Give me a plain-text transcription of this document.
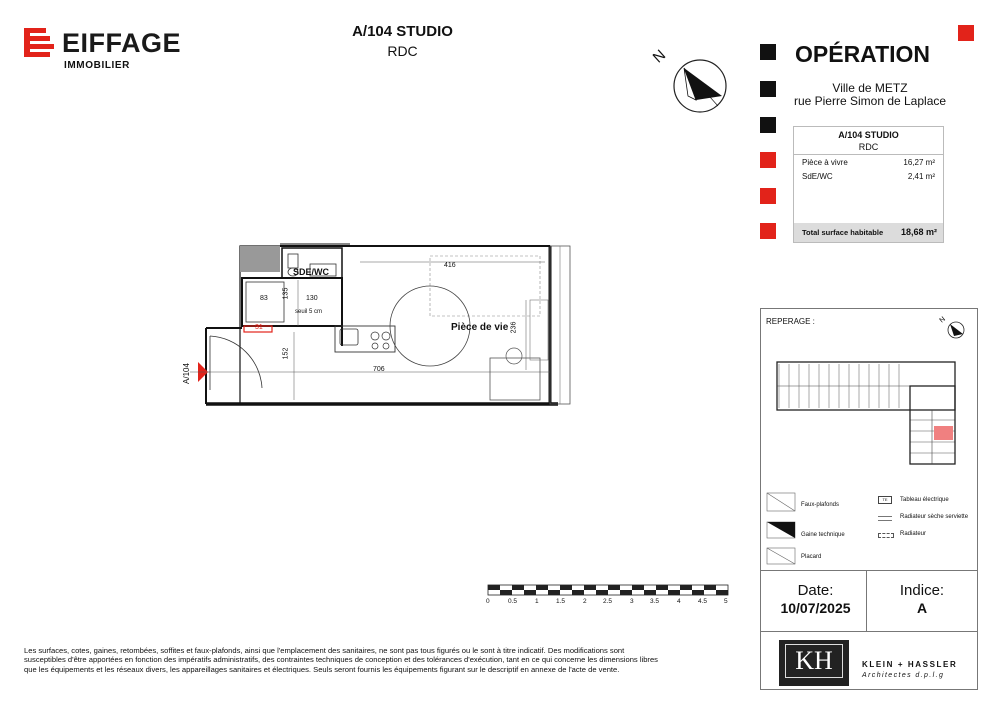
EIFFAGE
IMMOBILIER
A/104 STUDIO
RDC	N	OPÉRATION
Ville de METZ
rue Pierre Simon de Laplace
A/104 STUDIO
RDC
Pièce à vivre	16,27 m²
SdE/WC	2,41 m²
Total surface habitable 18,68 m²
SDE/WC
Pièce de vie
416
706
130
83
seuil 5 cm
31
135
152
236
A/104
0	0.5	1	1.5	2	2.5	3	3.5	4	4.5	5
REPERAGE :	N
Faux-plafonds
Gaine technique
Placard
TE	Tableau électrique
Radiateur sèche serviette
Radiateur
Date:
10/07/2025
Indice:
A
KH	KLEIN + HASSLER
Architectes d.p.l.g
Les surfaces, cotes, gaines, retombées, soffites et faux-plafonds, ainsi que l'emplacement des sanitaires, ne sont pas tous figurés ou le sont à titre indicatif. Des modifications sont susceptibles d'être apportées en fonction des impératifs administratifs, des contraintes techniques de conception et des tolérances d'exécution, tant en ce qui concerne les dimensions libres que les équipements et les réseaux divers, les appareillages sanitaires et électriques. Seuls seront fournis les équipements figurant sur le descriptif en annexe de l'acte de vente.
